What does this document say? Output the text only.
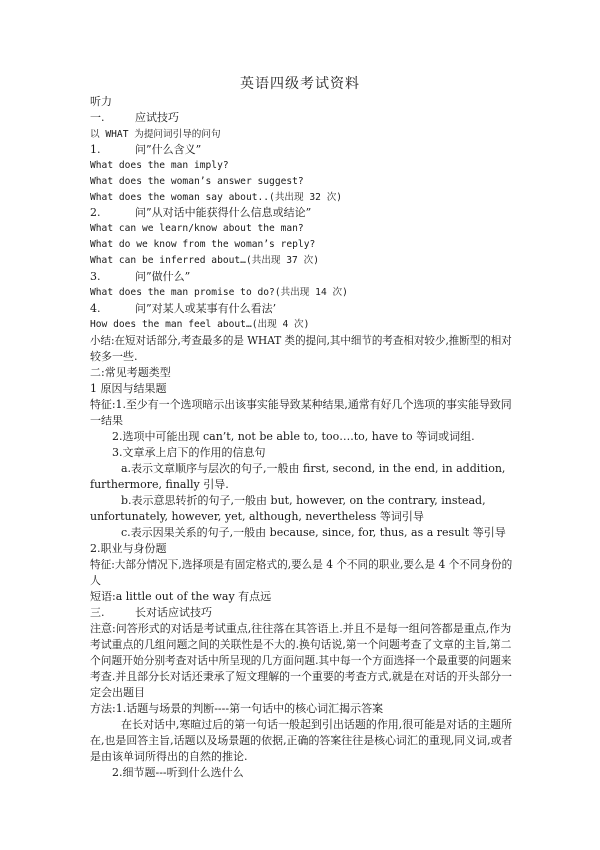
英语四级考试资料
听力
一.	应试技巧
以 WHAT 为提问词引导的问句
1.	问”什么含义”
What does the man imply?
What does the woman’s answer suggest?
What does the woman say about..(共出现 32 次)
2.	问”从对话中能获得什么信息或结论”
What can we learn/know about the man?
What do we know from the woman’s reply?
What can be inferred about…(共出现 37 次)
3.	问”做什么”
What does the man promise to do?(共出现 14 次)
4.	问”对某人或某事有什么看法’
How does the man feel about…(出现 4 次)
小结:在短对话部分,考查最多的是 WHAT 类的提问,其中细节的考查相对较少,推断型的相对
较多一些.
二:常见考题类型
1 原因与结果题
特征:1.至少有一个选项暗示出该事实能导致某种结果,通常有好几个选项的事实能导致同
一结果
2.选项中可能出现 can’t, not be able to, too….to, have to 等词或词组.
3.文章承上启下的作用的信息句
a.表示文章顺序与层次的句子,一般由 first, second, in the end, in addition,
furthermore, finally 引导.
b.表示意思转折的句子,一般由 but, however, on the contrary, instead,
unfortunately, however, yet, although, nevertheless 等词引导
c.表示因果关系的句子,一般由 because, since, for, thus, as a result 等引导
2.职业与身份题
特征:大部分情况下,选择项是有固定格式的,要么是 4 个不同的职业,要么是 4 个不同身份的
人
短语:a little out of the way 有点远
三.	长对话应试技巧
注意:问答形式的对话是考试重点,往往落在其答语上.并且不是每一组问答都是重点,作为
考试重点的几组问题之间的关联性是不大的.换句话说,第一个问题考查了文章的主旨,第二
个问题开始分别考查对话中所呈现的几方面问题.其中每一个方面选择一个最重要的问题来
考查.并且部分长对话还秉承了短文理解的一个重要的考查方式,就是在对话的开头部分一
定会出题目
方法:1.话题与场景的判断----第一句话中的核心词汇揭示答案
在长对话中,寒暄过后的第一句话一般起到引出话题的作用,很可能是对话的主题所
在,也是回答主旨,话题以及场景题的依据,正确的答案往往是核心词汇的重现,同义词,或者
是由该单词所得出的自然的推论.
2.细节题---听到什么选什么
